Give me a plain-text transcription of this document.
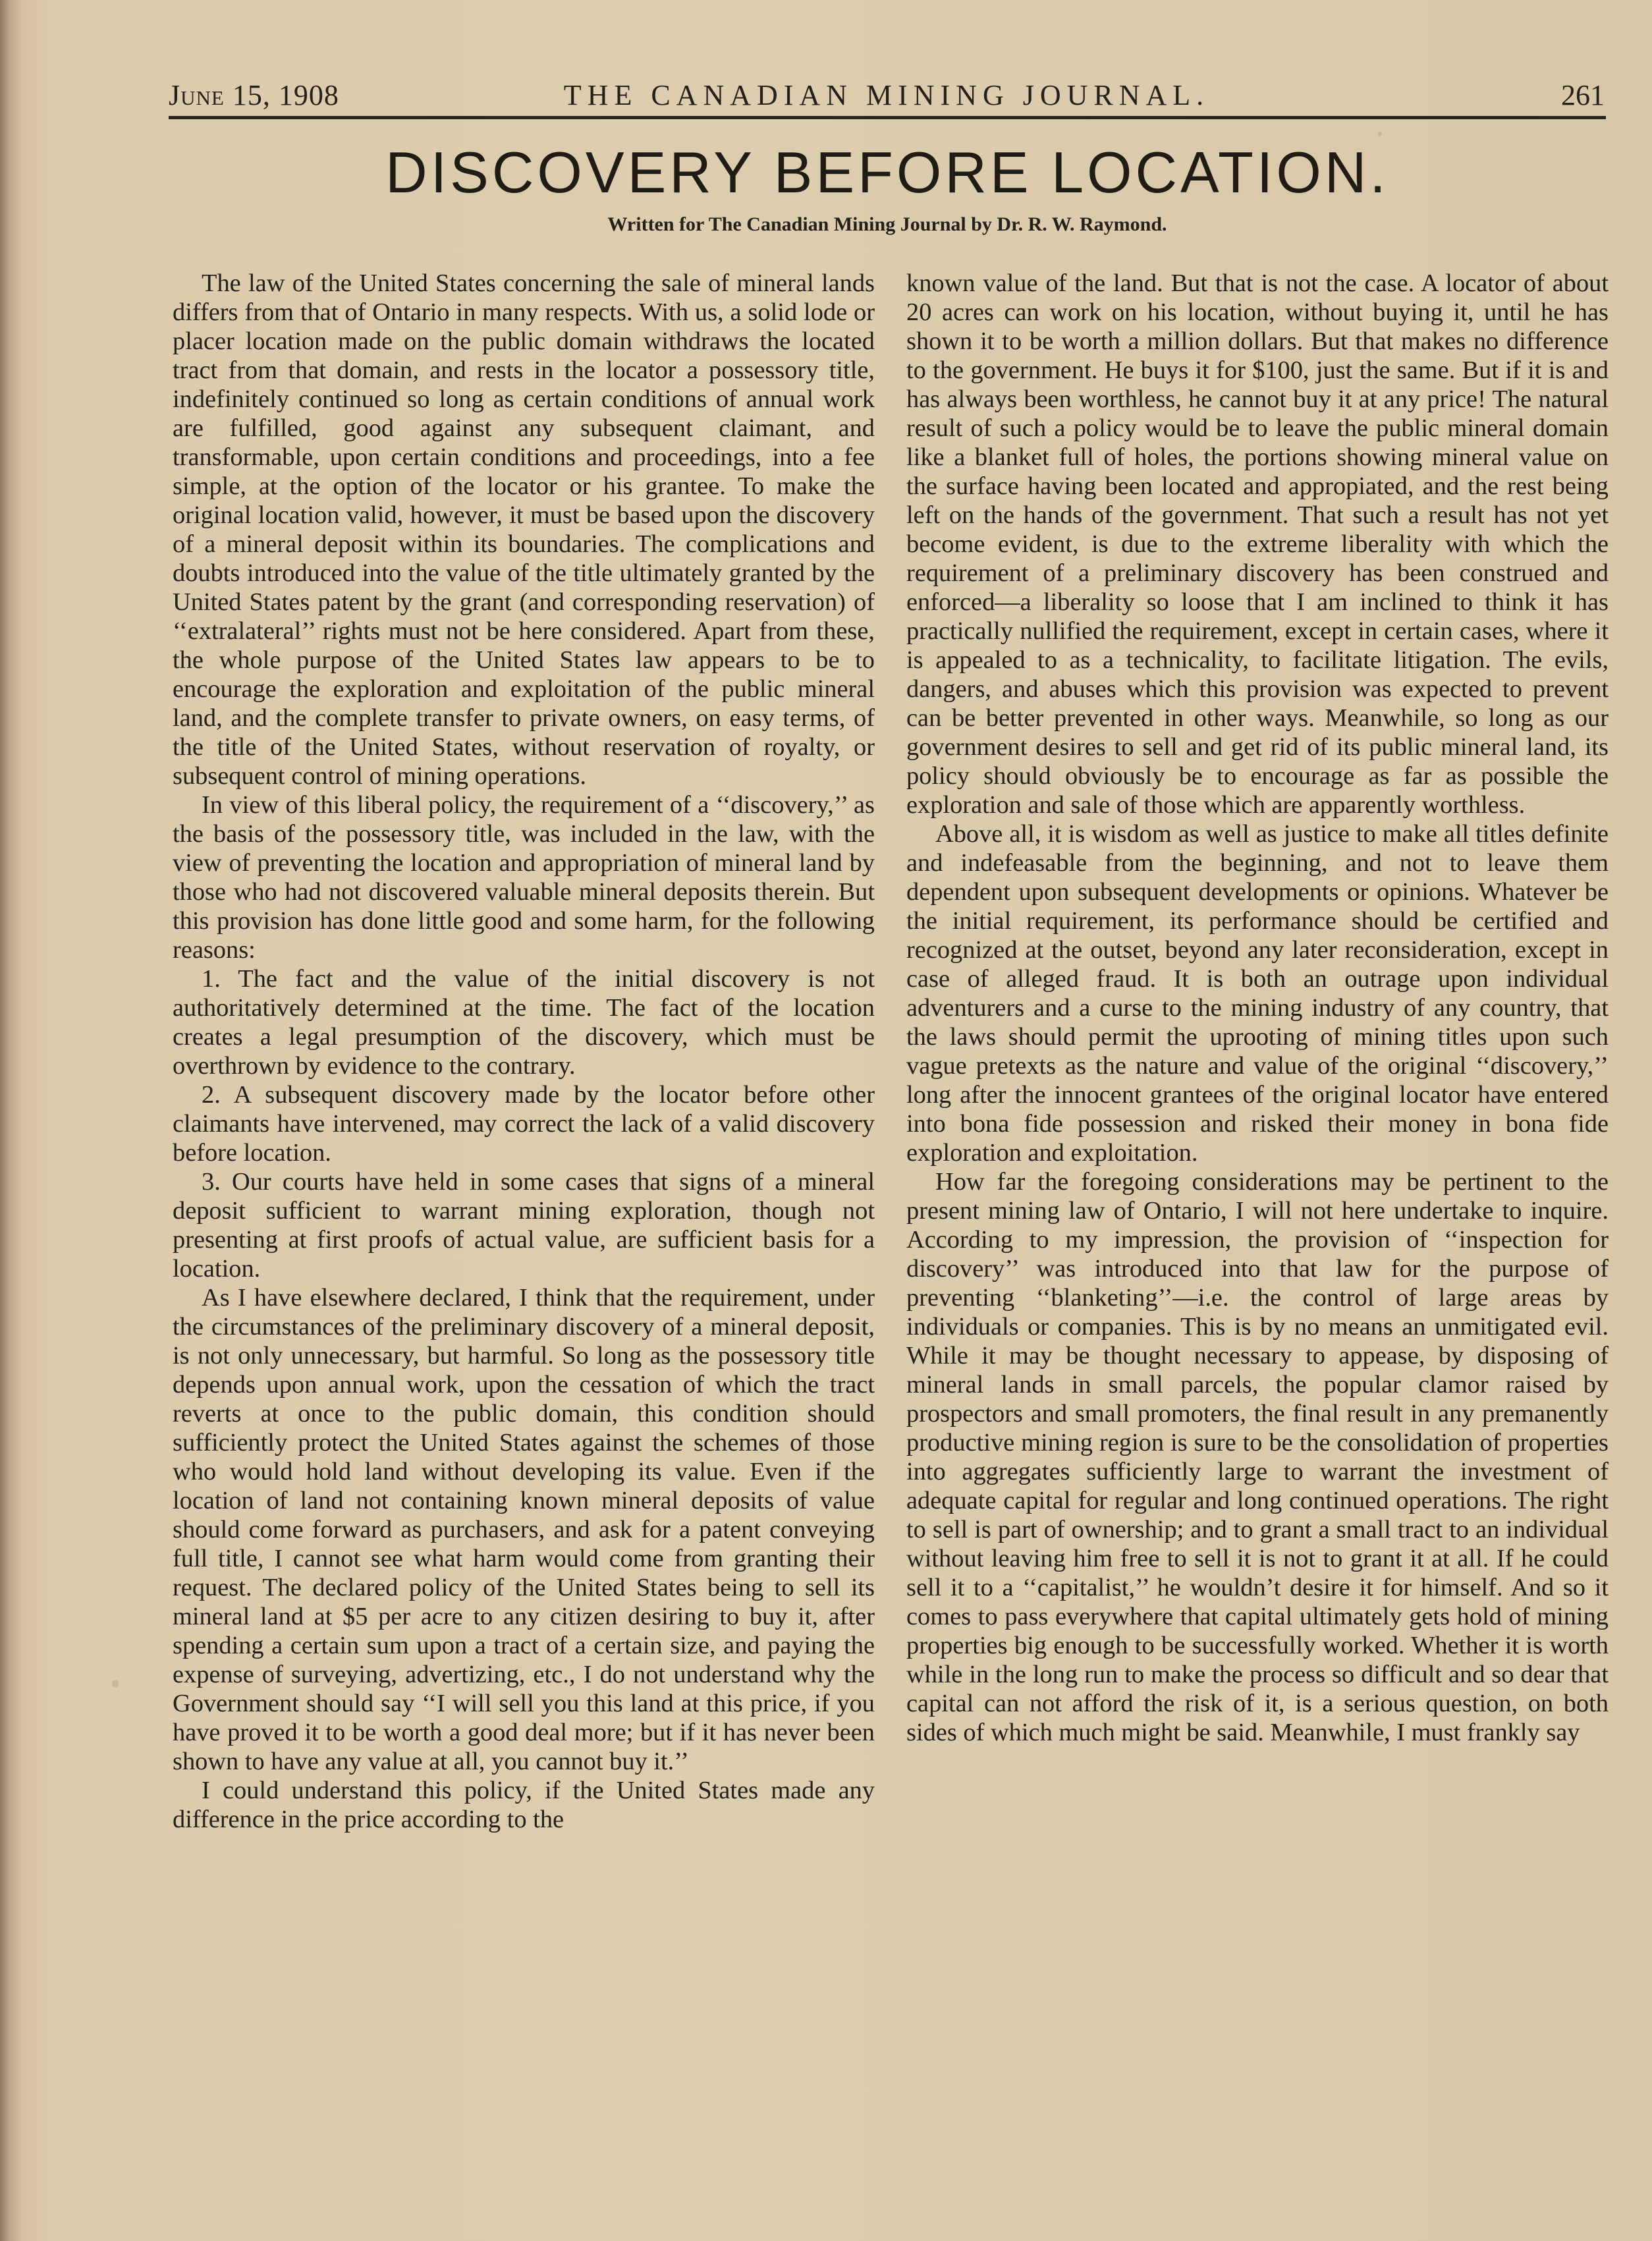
June 15, 1908	THE CANADIAN MINING JOURNAL.	261
DISCOVERY BEFORE LOCATION.
Written for The Canadian Mining Journal by Dr. R. W. Raymond.

The law of the United States concerning the sale of mineral lands differs from that of Ontario in many respects. With us, a solid lode or placer location made on the public domain withdraws the located tract from that domain, and rests in the locator a possessory title, indefinitely continued so long as certain conditions of annual work are fulfilled, good against any subsequent claimant, and transformable, upon certain conditions and proceedings, into a fee simple, at the option of the locator or his grantee. To make the original location valid, however, it must be based upon the discovery of a mineral deposit within its boundaries. The complications and doubts introduced into the value of the title ultimately granted by the United States patent by the grant (and corresponding reservation) of ‘‘extralateral’’ rights must not be here considered. Apart from these, the whole purpose of the United States law appears to be to encourage the exploration and exploitation of the public mineral land, and the complete transfer to private owners, on easy terms, of the title of the United States, without reservation of royalty, or subsequent control of mining operations.

In view of this liberal policy, the requirement of a ‘‘discovery,’’ as the basis of the possessory title, was included in the law, with the view of preventing the location and appropriation of mineral land by those who had not discovered valuable mineral deposits therein. But this provision has done little good and some harm, for the following reasons:

1. The fact and the value of the initial discovery is not authoritatively determined at the time. The fact of the location creates a legal presumption of the discovery, which must be overthrown by evidence to the contrary.

2. A subsequent discovery made by the locator before other claimants have intervened, may correct the lack of a valid discovery before location.

3. Our courts have held in some cases that signs of a mineral deposit sufficient to warrant mining exploration, though not presenting at first proofs of actual value, are sufficient basis for a location.

As I have elsewhere declared, I think that the requirement, under the circumstances of the preliminary discovery of a mineral deposit, is not only unnecessary, but harmful. So long as the possessory title depends upon annual work, upon the cessation of which the tract reverts at once to the public domain, this condition should sufficiently protect the United States against the schemes of those who would hold land without developing its value. Even if the location of land not containing known mineral deposits of value should come forward as purchasers, and ask for a patent conveying full title, I cannot see what harm would come from granting their request. The declared policy of the United States being to sell its mineral land at $5 per acre to any citizen desiring to buy it, after spending a certain sum upon a tract of a certain size, and paying the expense of surveying, advertizing, etc., I do not understand why the Government should say ‘‘I will sell you this land at this price, if you have proved it to be worth a good deal more; but if it has never been shown to have any value at all, you cannot buy it.’’

I could understand this policy, if the United States made any difference in the price according to the

known value of the land. But that is not the case. A locator of about 20 acres can work on his location, without buying it, until he has shown it to be worth a million dollars. But that makes no difference to the government. He buys it for $100, just the same. But if it is and has always been worthless, he cannot buy it at any price! The natural result of such a policy would be to leave the public mineral domain like a blanket full of holes, the portions showing mineral value on the surface having been located and appropiated, and the rest being left on the hands of the government. That such a result has not yet become evident, is due to the extreme liberality with which the requirement of a preliminary discovery has been construed and enforced—a liberality so loose that I am inclined to think it has practically nullified the requirement, except in certain cases, where it is appealed to as a technicality, to facilitate litigation. The evils, dangers, and abuses which this provision was expected to prevent can be better prevented in other ways. Meanwhile, so long as our government desires to sell and get rid of its public mineral land, its policy should obviously be to encourage as far as possible the exploration and sale of those which are apparently worthless.

Above all, it is wisdom as well as justice to make all titles definite and indefeasable from the beginning, and not to leave them dependent upon subsequent developments or opinions. Whatever be the initial requirement, its performance should be certified and recognized at the outset, beyond any later reconsideration, except in case of alleged fraud. It is both an outrage upon individual adventurers and a curse to the mining industry of any country, that the laws should permit the uprooting of mining titles upon such vague pretexts as the nature and value of the original ‘‘discovery,’’ long after the innocent grantees of the original locator have entered into bona fide possession and risked their money in bona fide exploration and exploitation.

How far the foregoing considerations may be pertinent to the present mining law of Ontario, I will not here undertake to inquire. According to my impression, the provision of ‘‘inspection for discovery’’ was introduced into that law for the purpose of preventing ‘‘blanketing’’—i.e. the control of large areas by individuals or companies. This is by no means an unmitigated evil. While it may be thought necessary to appease, by disposing of mineral lands in small parcels, the popular clamor raised by prospectors and small promoters, the final result in any premanently productive mining region is sure to be the consolidation of properties into aggregates sufficiently large to warrant the investment of adequate capital for regular and long continued operations. The right to sell is part of ownership; and to grant a small tract to an individual without leaving him free to sell it is not to grant it at all. If he could sell it to a ‘‘capitalist,’’ he wouldn’t desire it for himself. And so it comes to pass everywhere that capital ultimately gets hold of mining properties big enough to be successfully worked. Whether it is worth while in the long run to make the process so difficult and so dear that capital can not afford the risk of it, is a serious question, on both sides of which much might be said. Meanwhile, I must frankly say
